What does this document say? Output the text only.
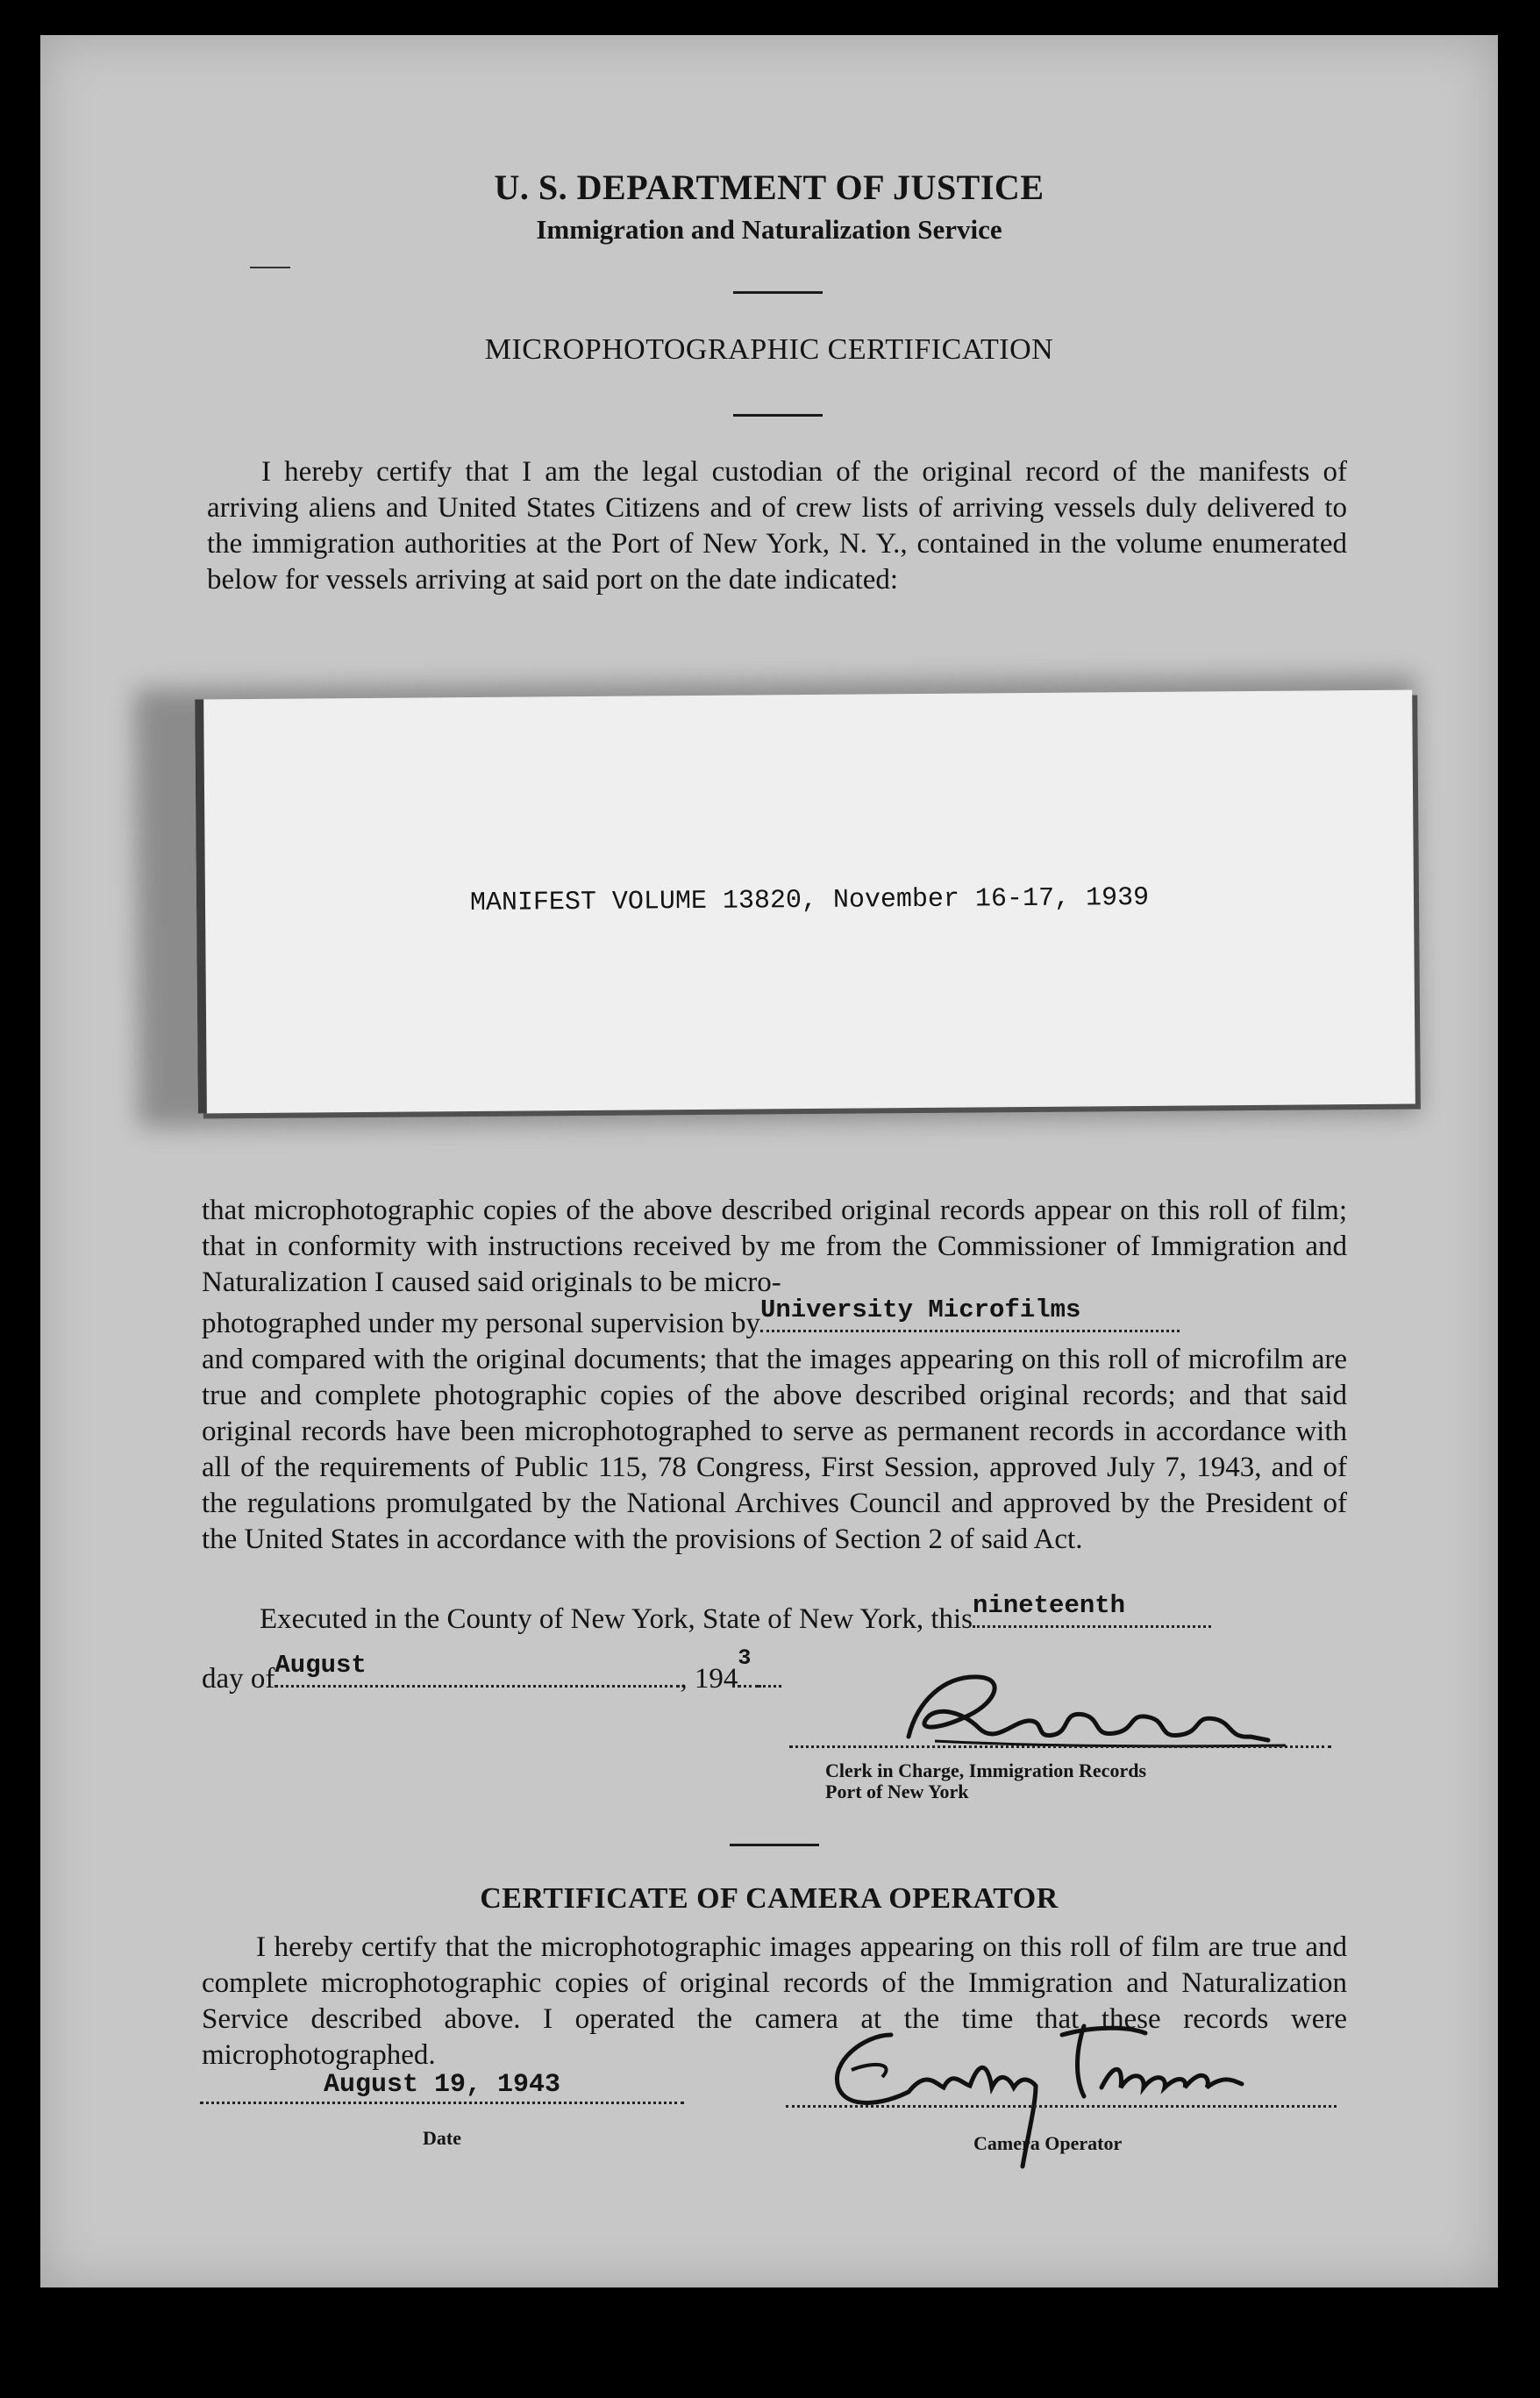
U. S. DEPARTMENT OF JUSTICE
Immigration and Naturalization Service
MICROPHOTOGRAPHIC CERTIFICATION
I hereby certify that I am the legal custodian of the original record of the manifests of arriving aliens and United States Citizens and of crew lists of arriving vessels duly delivered to the immigration authorities at the Port of New York, N. Y., contained in the volume enumerated below for vessels arriving at said port on the date indicated:
MANIFEST VOLUME 13820, November 16-17, 1939
that microphotographic copies of the above described original records appear on this roll of film; that in conformity with instructions received by me from the Commissioner of Immigration and Naturalization I caused said originals to be micro-
photographed under my personal supervision by University Microfilms
and compared with the original documents; that the images appearing on this roll of microfilm are true and complete photographic copies of the above described original records; and that said original records have been microphotographed to serve as permanent records in accordance with all of the requirements of Public 115, 78 Congress, First Session, approved July 7, 1943, and of the regulations promulgated by the National Archives Council and approved by the President of the United States in accordance with the provisions of Section 2 of said Act.
Executed in the County of New York, State of New York, this nineteenth
day of August	, 194
3
Clerk in Charge, Immigration Records
Port of New York
CERTIFICATE OF CAMERA OPERATOR
I hereby certify that the microphotographic images appearing on this roll of film are true and complete microphotographic copies of original records of the Immigration and Naturalization Service described above. I operated the camera at the time that these records were microphotographed.
August 19, 1943
Date	Camera Operator
